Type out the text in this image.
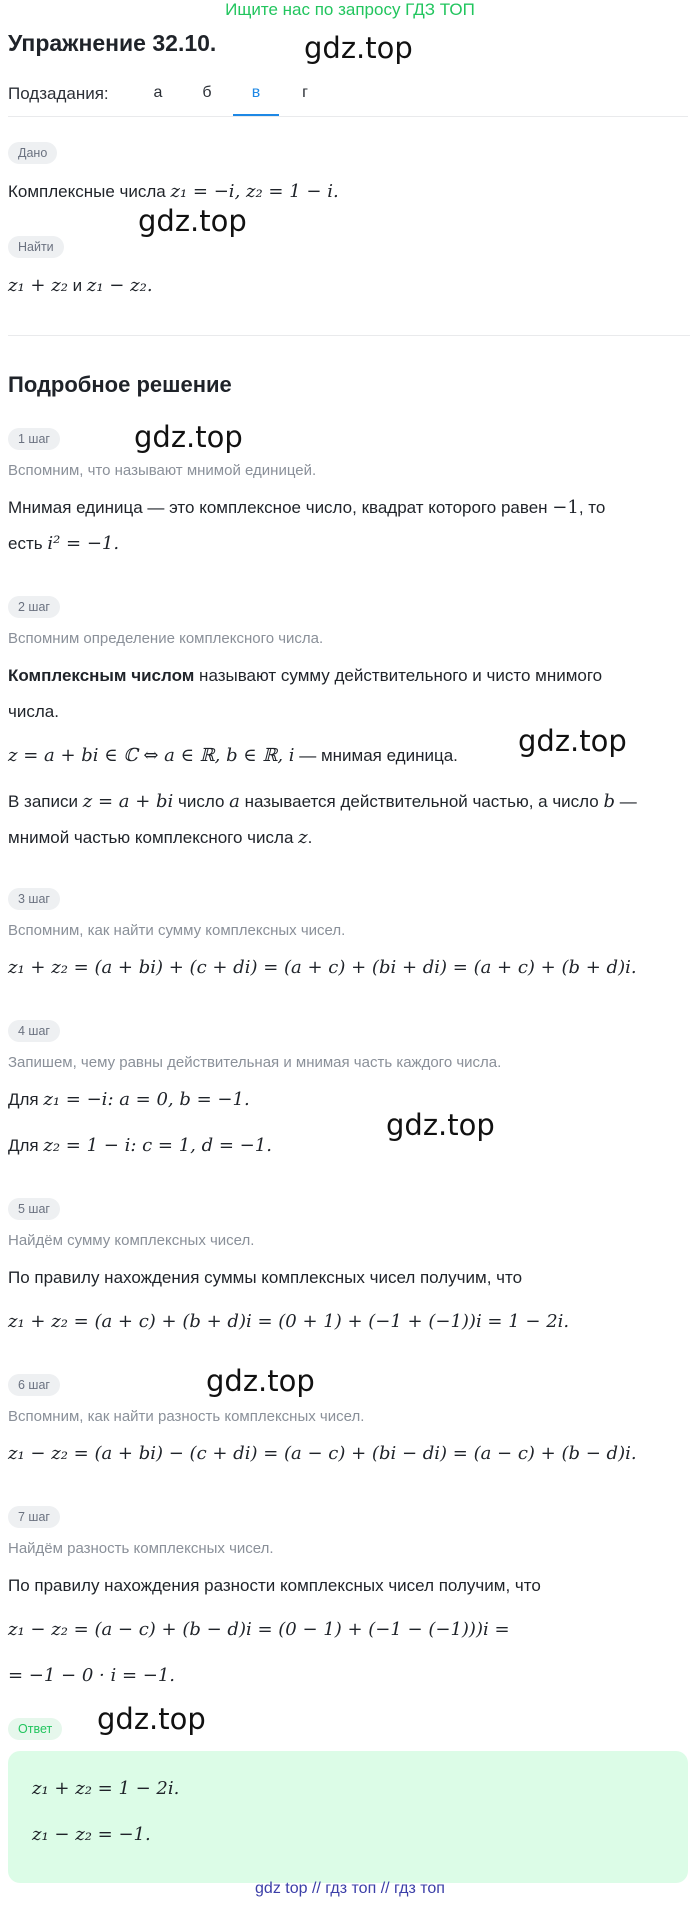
Ищите нас по запросу ГДЗ ТОП
Упражнение 32.10.	gdz.top
gdz.top
gdz.top
gdz.top
gdz.top
gdz.top
gdz.top
Подзадания:	а	б	в	г
Дано
Комплексные числа z₁ = −i, z₂ = 1 − i.
Найти
z₁ + z₂ и z₁ − z₂.
Подробное решение
1 шаг
Вспомним, что называют мнимой единицей.
Мнимая единица — это комплексное число, квадрат которого равен −1, то
есть i² = −1.
2 шаг
Вспомним определение комплексного числа.
Комплексным числом называют сумму действительного и чисто мнимого
числа.
z = a + bi ∈ ℂ ⇔ a ∈ ℝ, b ∈ ℝ, i — мнимая единица.
В записи z = a + bi число a называется действительной частью, а число b —
мнимой частью комплексного числа z.
3 шаг
Вспомним, как найти сумму комплексных чисел.
z₁ + z₂ = (a + bi) + (c + di) = (a + c) + (bi + di) = (a + c) + (b + d)i.
4 шаг
Запишем, чему равны действительная и мнимая часть каждого числа.
Для z₁ = −i: a = 0, b = −1.
Для z₂ = 1 − i: c = 1, d = −1.
5 шаг
Найдём сумму комплексных чисел.
По правилу нахождения суммы комплексных чисел получим, что
z₁ + z₂ = (a + c) + (b + d)i = (0 + 1) + (−1 + (−1))i = 1 − 2i.
6 шаг
Вспомним, как найти разность комплексных чисел.
z₁ − z₂ = (a + bi) − (c + di) = (a − c) + (bi − di) = (a − c) + (b − d)i.
7 шаг
Найдём разность комплексных чисел.
По правилу нахождения разности комплексных чисел получим, что
z₁ − z₂ = (a − c) + (b − d)i = (0 − 1) + (−1 − (−1)))i =
= −1 − 0 · i = −1.
Ответ
z₁ + z₂ = 1 − 2i.
z₁ − z₂ = −1.
gdz top // гдз топ // гдз топ
